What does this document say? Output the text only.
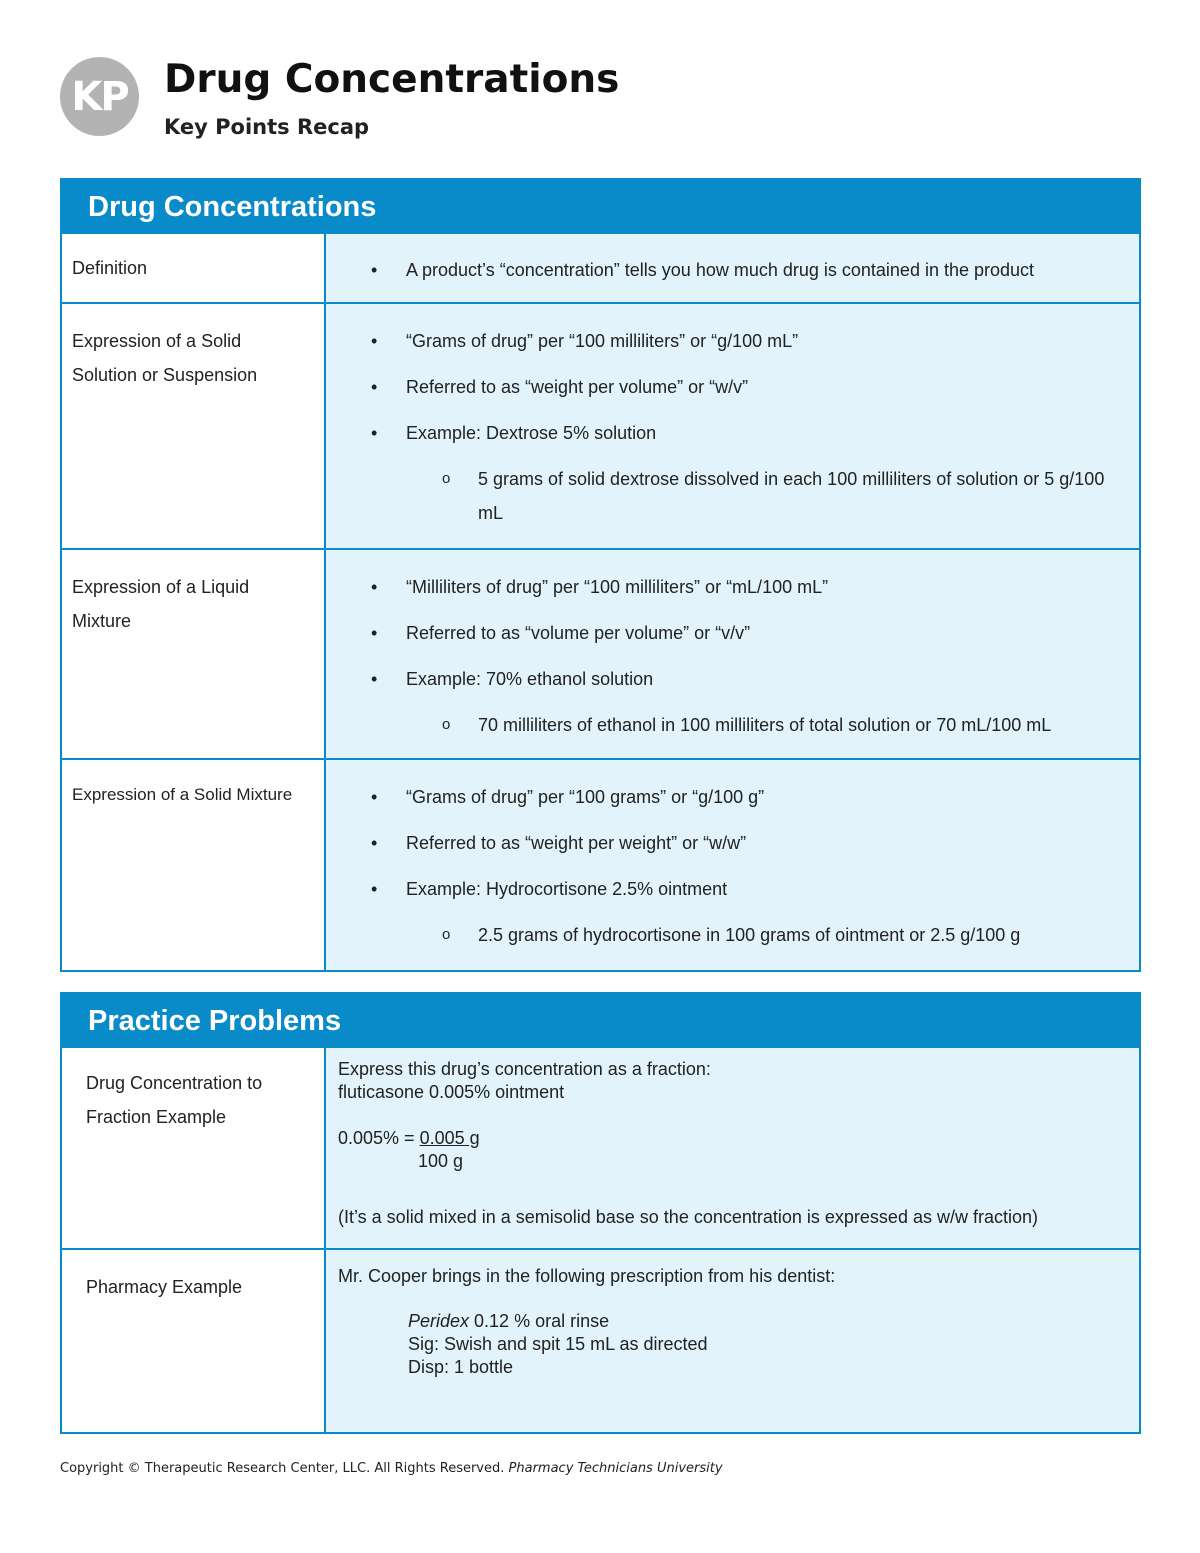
KP Drug Concentrations
Key Points Recap
Drug Concentrations
Definition	• A product’s “concentration” tells you how much drug is contained in the product
Expression of a Solid Solution or Suspension
• “Grams of drug” per “100 milliliters” or “g/100 mL”
• Referred to as “weight per volume” or “w/v”
• Example: Dextrose 5% solution
o 5 grams of solid dextrose dissolved in each 100 milliliters of solution or 5 g/100 mL
Expression of a Liquid Mixture
• “Milliliters of drug” per “100 milliliters” or “mL/100 mL”
• Referred to as “volume per volume” or “v/v”
• Example: 70% ethanol solution
o 70 milliliters of ethanol in 100 milliliters of total solution or 70 mL/100 mL
Expression of a Solid Mixture	• “Grams of drug” per “100 grams” or “g/100 g”
• Referred to as “weight per weight” or “w/w”
• Example: Hydrocortisone 2.5% ointment
o 2.5 grams of hydrocortisone in 100 grams of ointment or 2.5 g/100 g
Practice Problems
Drug Concentration to Fraction Example
Express this drug’s concentration as a fraction:
fluticasone 0.005% ointment
0.005% = 0.005 g
100 g
(It’s a solid mixed in a semisolid base so the concentration is expressed as w/w fraction)
Pharmacy Example
Mr. Cooper brings in the following prescription from his dentist:
Peridex 0.12 % oral rinse
Sig: Swish and spit 15 mL as directed
Disp: 1 bottle
Copyright © Therapeutic Research Center, LLC. All Rights Reserved. Pharmacy Technicians University
